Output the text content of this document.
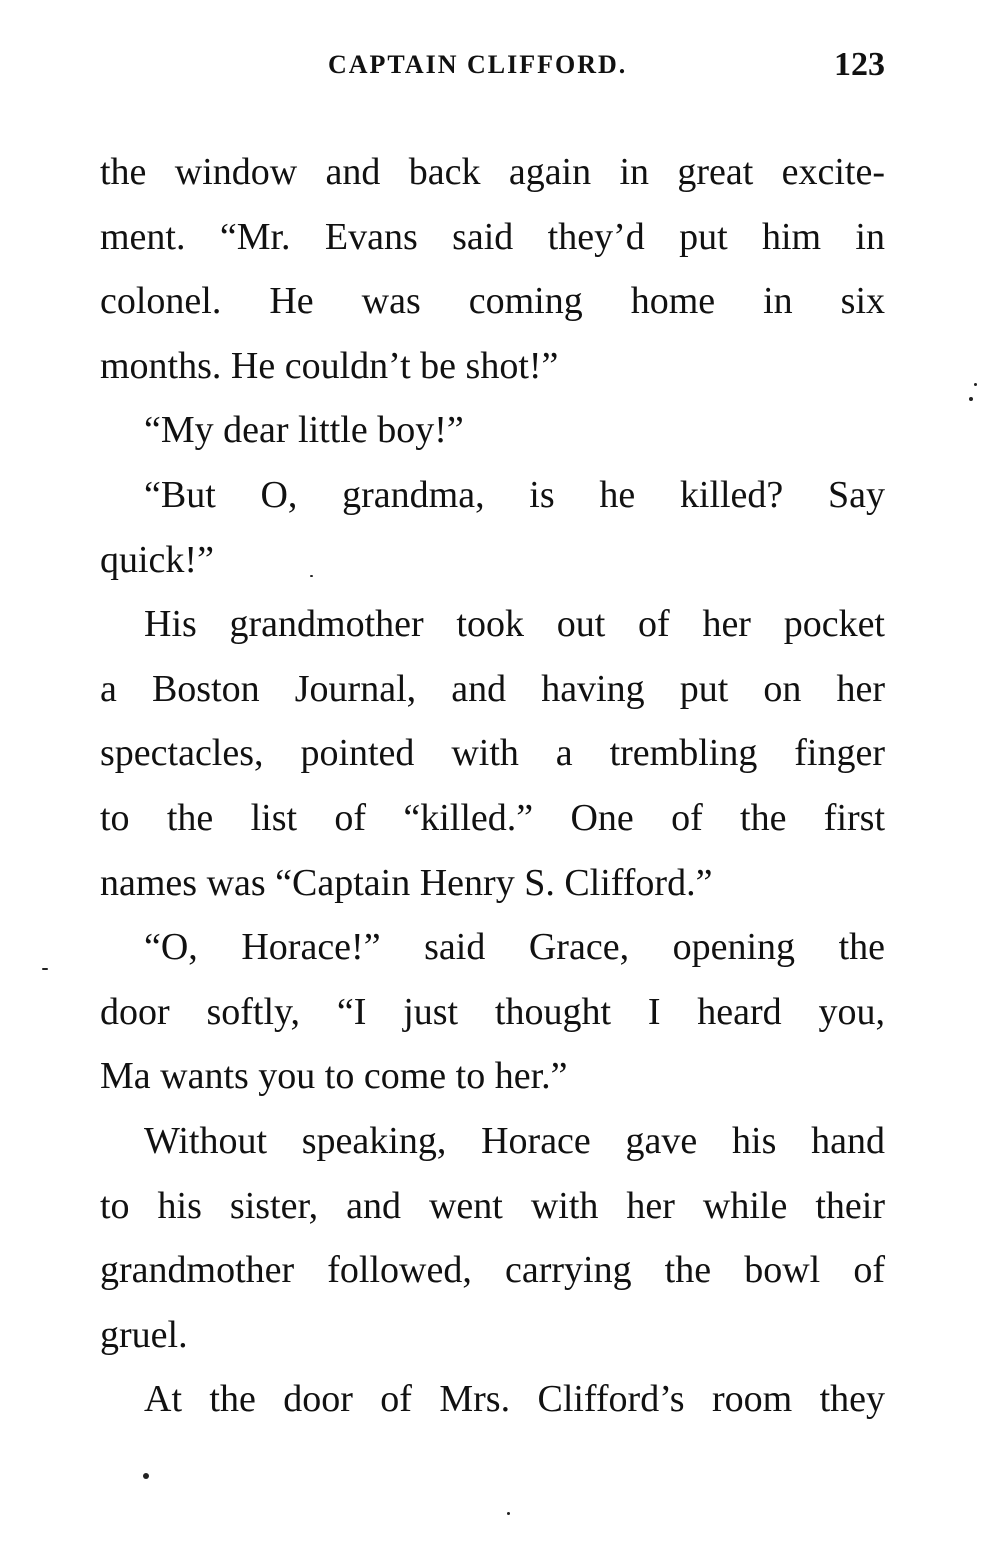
CAPTAIN CLIFFORD.	123
the window and back again in great excite-
ment. “Mr. Evans said they’d put him in
colonel. He was coming home in six
months. He couldn’t be shot!”
“My dear little boy!”
“But O, grandma, is he killed? Say
quick!”
His grandmother took out of her pocket
a Boston Journal, and having put on her
spectacles, pointed with a trembling finger
to the list of “killed.” One of the first
names was “Captain Henry S. Clifford.”
“O, Horace!” said Grace, opening the
door softly, “I just thought I heard you,
Ma wants you to come to her.”
Without speaking, Horace gave his hand
to his sister, and went with her while their
grandmother followed, carrying the bowl of
gruel.
At the door of Mrs. Clifford’s room they
